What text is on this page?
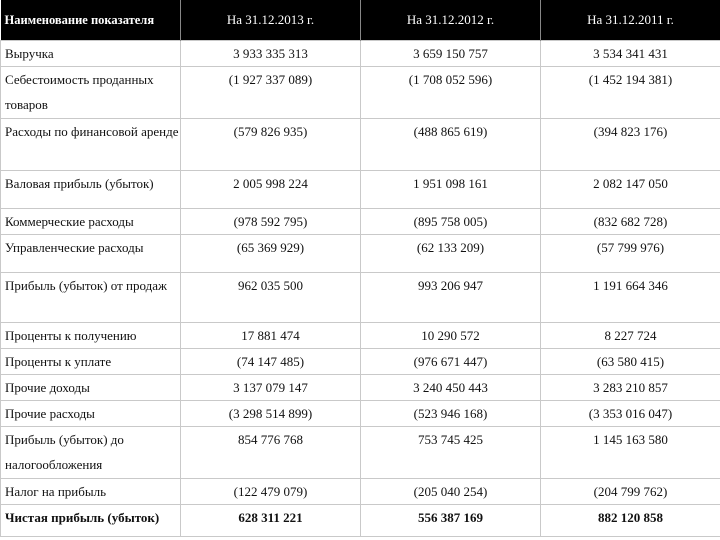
Наименование показателя	На 31.12.2013 г.	На 31.12.2012 г.	На 31.12.2011 г.
Выручка	3 933 335 313	3 659 150 757	3 534 341 431
Себестоимость проданных товаров	(1 927 337 089)	(1 708 052 596)	(1 452 194 381)
Расходы по финансовой аренде	(579 826 935)	(488 865 619)	(394 823 176)
Валовая прибыль (убыток)	2 005 998 224	1 951 098 161	2 082 147 050
Коммерческие расходы	(978 592 795)	(895 758 005)	(832 682 728)
Управленческие расходы	(65 369 929)	(62 133 209)	(57 799 976)
Прибыль (убыток) от продаж	962 035 500	993 206 947	1 191 664 346
Проценты к получению	17 881 474	10 290 572	8 227 724
Проценты к уплате	(74 147 485)	(976 671 447)	(63 580 415)
Прочие доходы	3 137 079 147	3 240 450 443	3 283 210 857
Прочие расходы	(3 298 514 899)	(523 946 168)	(3 353 016 047)
Прибыль (убыток) до налогообложения	854 776 768	753 745 425	1 145 163 580
Налог на прибыль	(122 479 079)	(205 040 254)	(204 799 762)
Чистая прибыль (убыток)	628 311 221	556 387 169	882 120 858
